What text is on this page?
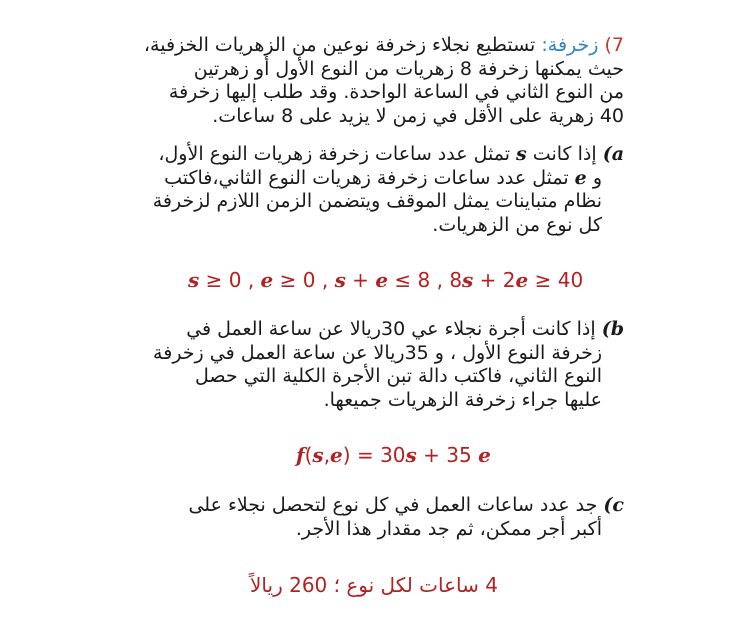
7) زخرفة: تستطيع نجلاء زخرفة نوعين من الزهريات الخزفية،
حيث يمكنها زخرفة 8 زهريات من النوع الأول أو زهرتين
من النوع الثاني في الساعة الواحدة. وقد طلب إليها زخرفة
40 زهرية على الأقل في زمن لا يزيد على 8 ساعات.
a) إذا كانت s تمثل عدد ساعات زخرفة زهريات النوع الأول،
و e تمثل عدد ساعات زخرفة زهريات النوع الثاني،فاكتب
نظام متباينات يمثل الموقف ويتضمن الزمن اللازم لزخرفة
كل نوع من الزهريات.
s ≥ 0 , e ≥ 0 , s + e ≤ 8 , 8s + 2e ≥ 40
b) إذا كانت أجرة نجلاء عي 30ريالا عن ساعة العمل في
زخرفة النوع الأول ، و 35ريالا عن ساعة العمل في زخرفة
النوع الثاني، فاكتب دالة تبن الأجرة الكلية التي حصل
عليها جراء زخرفة الزهريات جميعها.
f(s,e) = 30s + 35 e
c) جد عدد ساعات العمل في كل نوع لتحصل نجلاء على
أكبر أجر ممكن، ثم جد مقدار هذا الأجر.
4 ساعات لكل نوع ؛ 260 ريالاً
